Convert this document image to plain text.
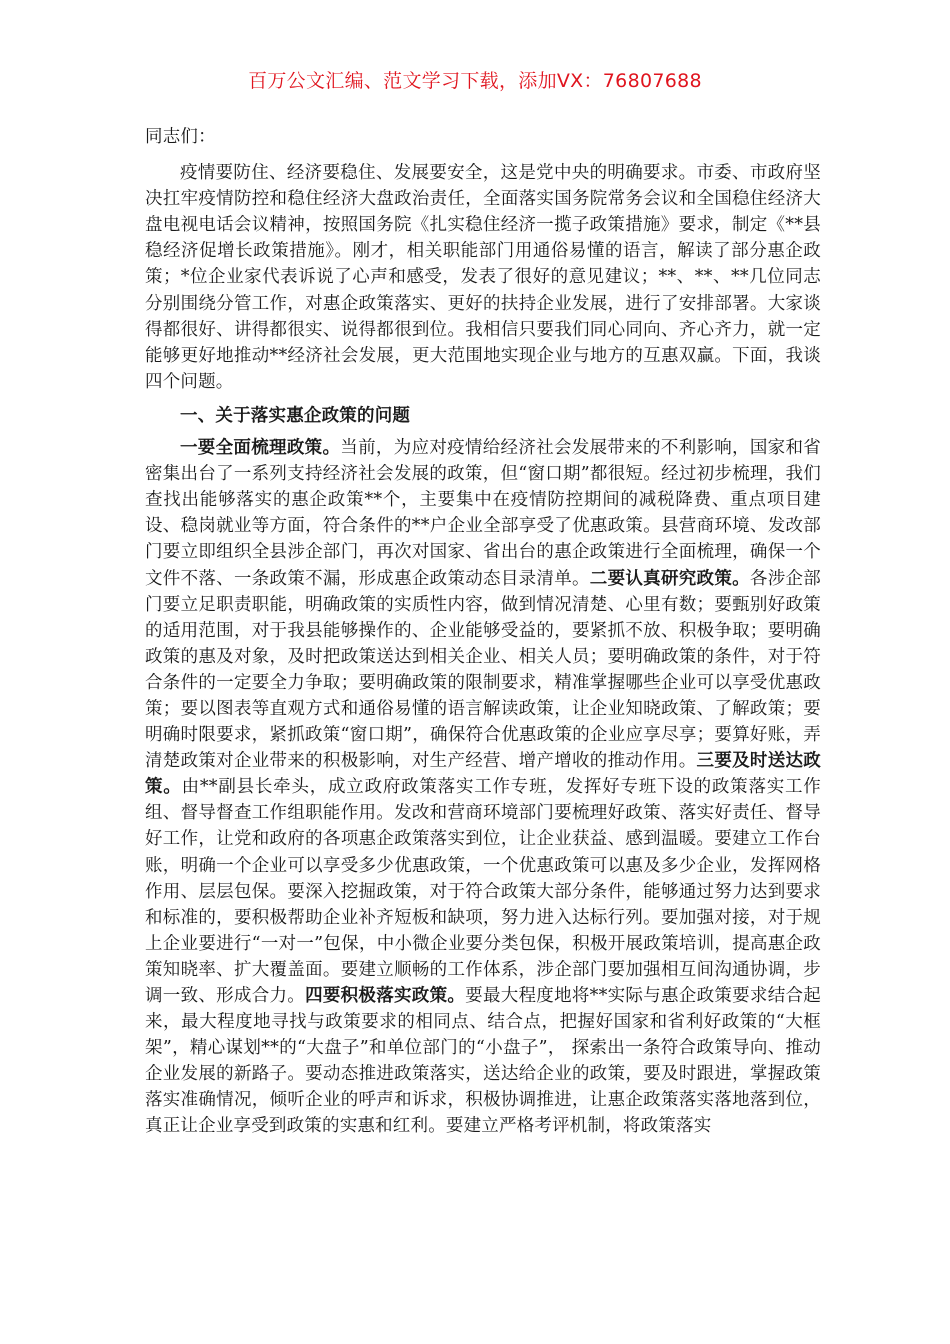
百万公文汇编、范文学习下载，添加VX：76807688

同志们：

疫情要防住、经济要稳住、发展要安全，这是党中央的明确要求。市委、市政府坚决扛牢疫情防控和稳住经济大盘政治责任，全面落实国务院常务会议和全国稳住经济大盘电视电话会议精神，按照国务院《扎实稳住经济一揽子政策措施》要求，制定《**县稳经济促增长政策措施》。刚才，相关职能部门用通俗易懂的语言，解读了部分惠企政策；*位企业家代表诉说了心声和感受，发表了很好的意见建议；**、**、**几位同志分别围绕分管工作，对惠企政策落实、更好的扶持企业发展，进行了安排部署。大家谈得都很好、讲得都很实、说得都很到位。我相信只要我们同心同向、齐心齐力，就一定能够更好地推动**经济社会发展，更大范围地实现企业与地方的互惠双赢。下面，我谈四个问题。

一、关于落实惠企政策的问题

一要全面梳理政策。当前，为应对疫情给经济社会发展带来的不利影响，国家和省密集出台了一系列支持经济社会发展的政策，但“窗口期”都很短。经过初步梳理，我们查找出能够落实的惠企政策**个，主要集中在疫情防控期间的减税降费、重点项目建设、稳岗就业等方面，符合条件的**户企业全部享受了优惠政策。县营商环境、发改部门要立即组织全县涉企部门，再次对国家、省出台的惠企政策进行全面梳理，确保一个文件不落、一条政策不漏，形成惠企政策动态目录清单。二要认真研究政策。各涉企部门要立足职责职能，明确政策的实质性内容，做到情况清楚、心里有数；要甄别好政策的适用范围，对于我县能够操作的、企业能够受益的，要紧抓不放、积极争取；要明确政策的惠及对象，及时把政策送达到相关企业、相关人员；要明确政策的条件，对于符合条件的一定要全力争取；要明确政策的限制要求，精准掌握哪些企业可以享受优惠政策；要以图表等直观方式和通俗易懂的语言解读政策，让企业知晓政策、了解政策；要明确时限要求，紧抓政策“窗口期”，确保符合优惠政策的企业应享尽享；要算好账，弄清楚政策对企业带来的积极影响，对生产经营、增产增收的推动作用。三要及时送达政策。由**副县长牵头，成立政府政策落实工作专班，发挥好专班下设的政策落实工作组、督导督查工作组职能作用。发改和营商环境部门要梳理好政策、落实好责任、督导好工作，让党和政府的各项惠企政策落实到位，让企业获益、感到温暖。要建立工作台账，明确一个企业可以享受多少优惠政策，一个优惠政策可以惠及多少企业，发挥网格作用、层层包保。要深入挖掘政策，对于符合政策大部分条件，能够通过努力达到要求和标准的，要积极帮助企业补齐短板和缺项，努力进入达标行列。要加强对接，对于规上企业要进行“一对一”包保，中小微企业要分类包保，积极开展政策培训，提高惠企政策知晓率、扩大覆盖面。要建立顺畅的工作体系，涉企部门要加强相互间沟通协调，步调一致、形成合力。四要积极落实政策。要最大程度地将**实际与惠企政策要求结合起来，最大程度地寻找与政策要求的相同点、结合点，把握好国家和省利好政策的“大框架”，精心谋划**的“大盘子”和单位部门的“小盘子”， 探索出一条符合政策导向、推动企业发展的新路子。要动态推进政策落实，送达给企业的政策，要及时跟进，掌握政策落实准确情况，倾听企业的呼声和诉求，积极协调推进，让惠企政策落实落地落到位，真正让企业享受到政策的实惠和红利。要建立严格考评机制，将政策落实
